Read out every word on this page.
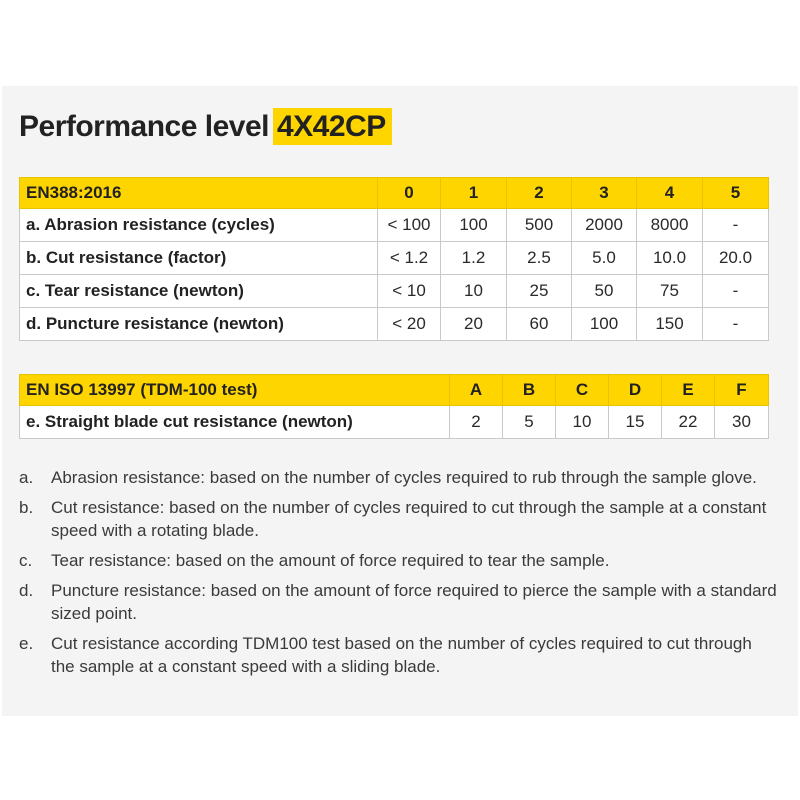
Performance level 4X42CP
EN388:2016	0	1	2	3	4	5
a. Abrasion resistance (cycles)	< 100	100	500	2000	8000	-
b. Cut resistance (factor)	< 1.2	1.2	2.5	5.0	10.0	20.0
c. Tear resistance (newton)	< 10	10	25	50	75	-
d. Puncture resistance (newton)	< 20	20	60	100	150	-
EN ISO 13997 (TDM-100 test)	A	B	C	D	E	F
e. Straight blade cut resistance (newton)	2	5	10	15	22	30
a. Abrasion resistance: based on the number of cycles required to rub through the sample glove.
b. Cut resistance: based on the number of cycles required to cut through the sample at a constant speed with a rotating blade.
c. Tear resistance: based on the amount of force required to tear the sample.
d. Puncture resistance: based on the amount of force required to pierce the sample with a standard sized point.
e. Cut resistance according TDM100 test based on the number of cycles required to cut through the sample at a constant speed with a sliding blade.
